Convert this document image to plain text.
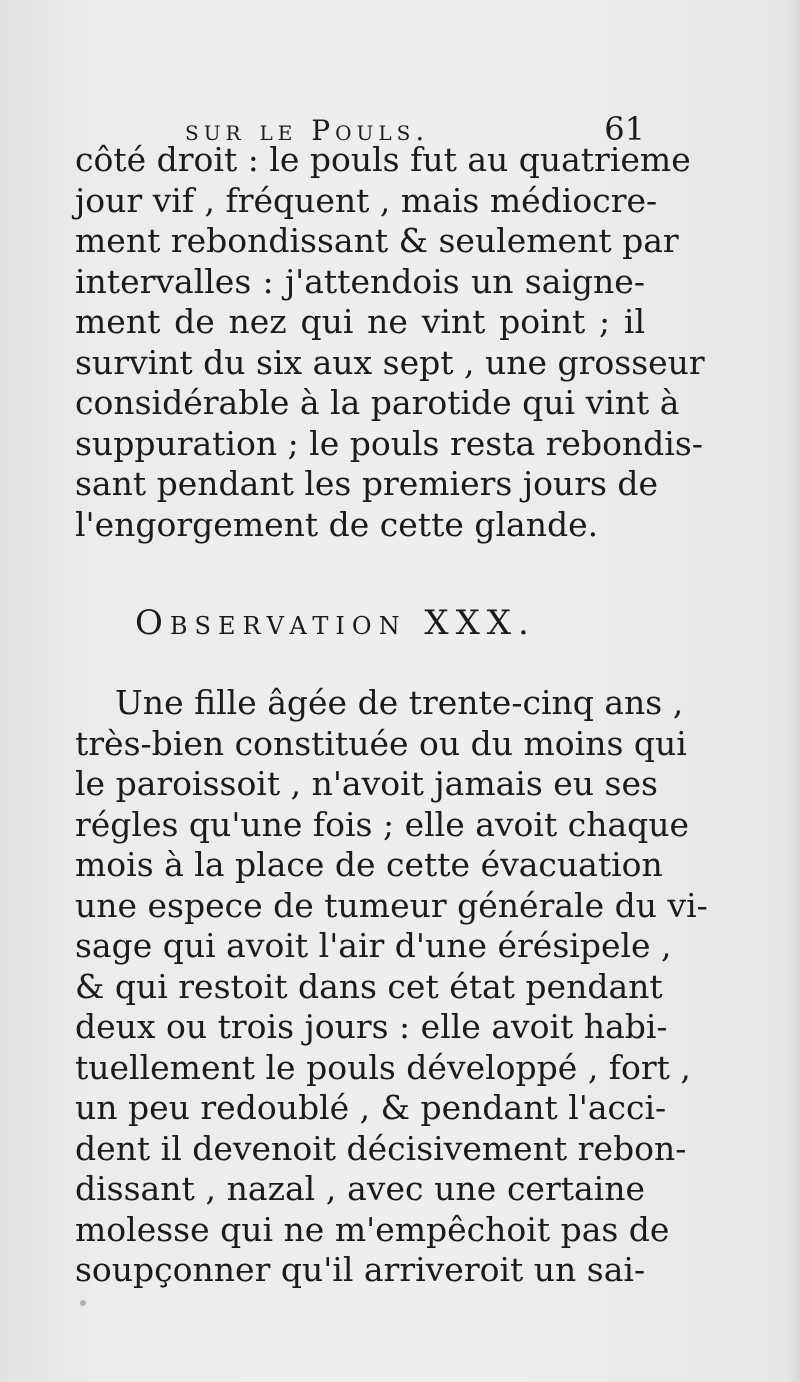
sur le Pouls.	61
côté droit : le pouls fut au quatrieme
jour vif , fréquent , mais médiocre-
ment rebondissant & seulement par
intervalles : j'attendois un saigne-
ment de nez qui ne vint point ; il
survint du six aux sept , une grosseur
considérable à la parotide qui vint à
suppuration ; le pouls resta rebondis-
sant pendant les premiers jours de
l'engorgement de cette glande.
Observation XXX.
Une fille âgée de trente-cinq ans ,
très-bien constituée ou du moins qui
le paroissoit , n'avoit jamais eu ses
régles qu'une fois ; elle avoit chaque
mois à la place de cette évacuation
une espece de tumeur générale du vi-
sage qui avoit l'air d'une érésipele ,
& qui restoit dans cet état pendant
deux ou trois jours : elle avoit habi-
tuellement le pouls développé , fort ,
un peu redoublé , & pendant l'acci-
dent il devenoit décisivement rebon-
dissant , nazal , avec une certaine
molesse qui ne m'empêchoit pas de
soupçonner qu'il arriveroit un sai-
